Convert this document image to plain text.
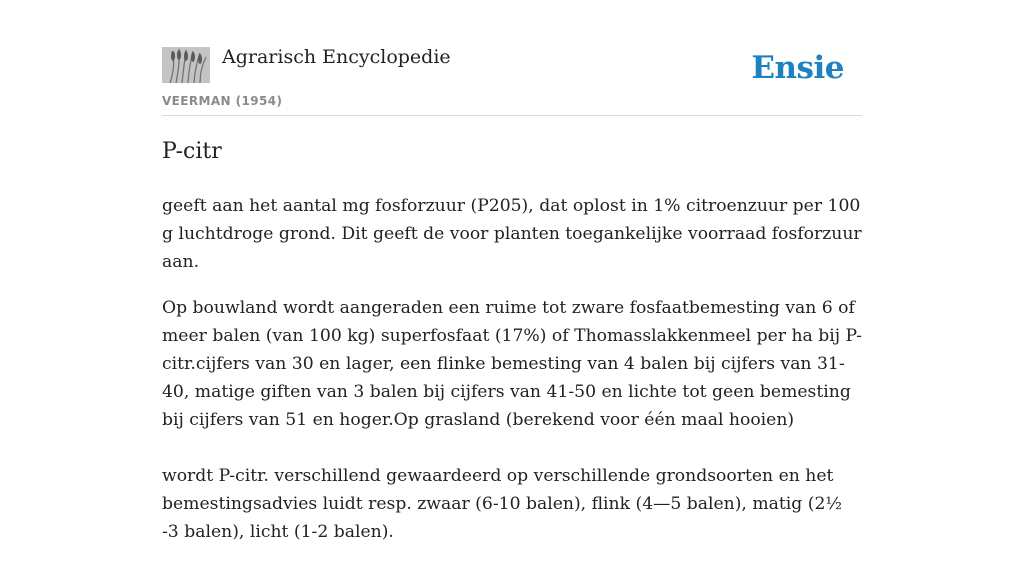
Agrarisch Encyclopedie
VEERMAN (1954)
Ensie
P-citr

geeft aan het aantal mg fosforzuur (P205), dat oplost in 1% citroenzuur per 100 g luchtdroge grond. Dit geeft de voor planten toegankelijke voorraad fosforzuur aan.

Op bouwland wordt aangeraden een ruime tot zware fosfaatbemesting van 6 of meer balen (van 100 kg) superfosfaat (17%) of Thomasslakkenmeel per ha bij P-citr.cijfers van 30 en lager, een flinke bemesting van 4 balen bij cijfers van 31-40, matige giften van 3 balen bij cijfers van 41-50 en lichte tot geen bemesting bij cijfers van 51 en hoger.Op grasland (berekend voor één maal hooien)

wordt P-citr. verschillend gewaardeerd op verschillende grondsoorten en het bemestingsadvies luidt resp. zwaar (6-10 balen), flink (4—5 balen), matig (2½ -3 balen), licht (1-2 balen).
